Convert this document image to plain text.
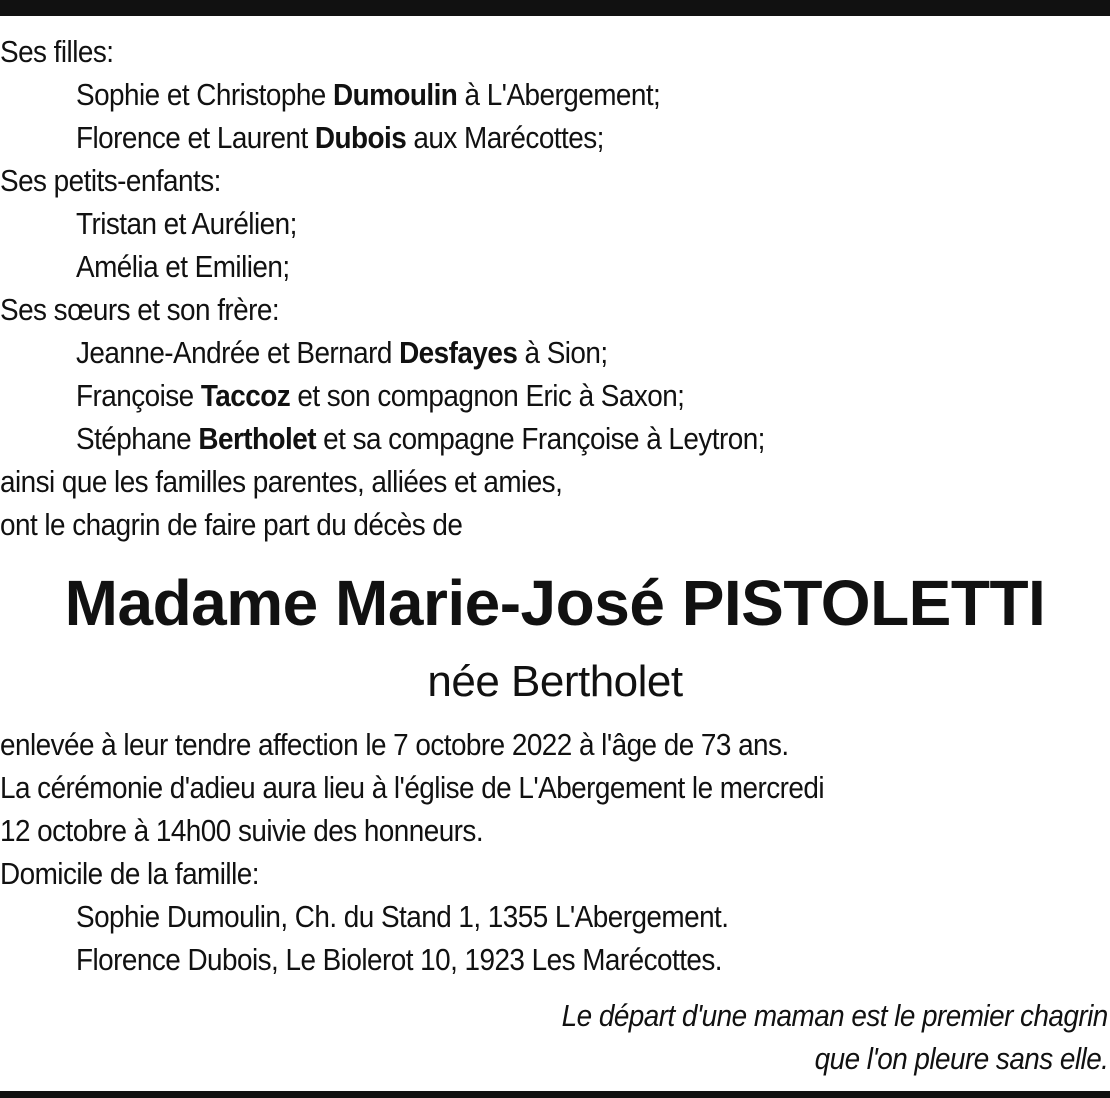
Ses filles:
Sophie et Christophe Dumoulin à L'Abergement;
Florence et Laurent Dubois aux Marécottes;
Ses petits-enfants:
Tristan et Aurélien;
Amélia et Emilien;
Ses sœurs et son frère:
Jeanne-Andrée et Bernard Desfayes à Sion;
Françoise Taccoz et son compagnon Eric à Saxon;
Stéphane Bertholet et sa compagne Françoise à Leytron;
ainsi que les familles parentes, alliées et amies,
ont le chagrin de faire part du décès de
Madame Marie-José PISTOLETTI
née Bertholet
enlevée à leur tendre affection le 7 octobre 2022 à l'âge de 73 ans.
La cérémonie d'adieu aura lieu à l'église de L'Abergement le mercredi
12 octobre à 14h00 suivie des honneurs.
Domicile de la famille:
Sophie Dumoulin, Ch. du Stand 1, 1355 L'Abergement.
Florence Dubois, Le Biolerot 10, 1923 Les Marécottes.
Le départ d'une maman est le premier chagrin
que l'on pleure sans elle.
